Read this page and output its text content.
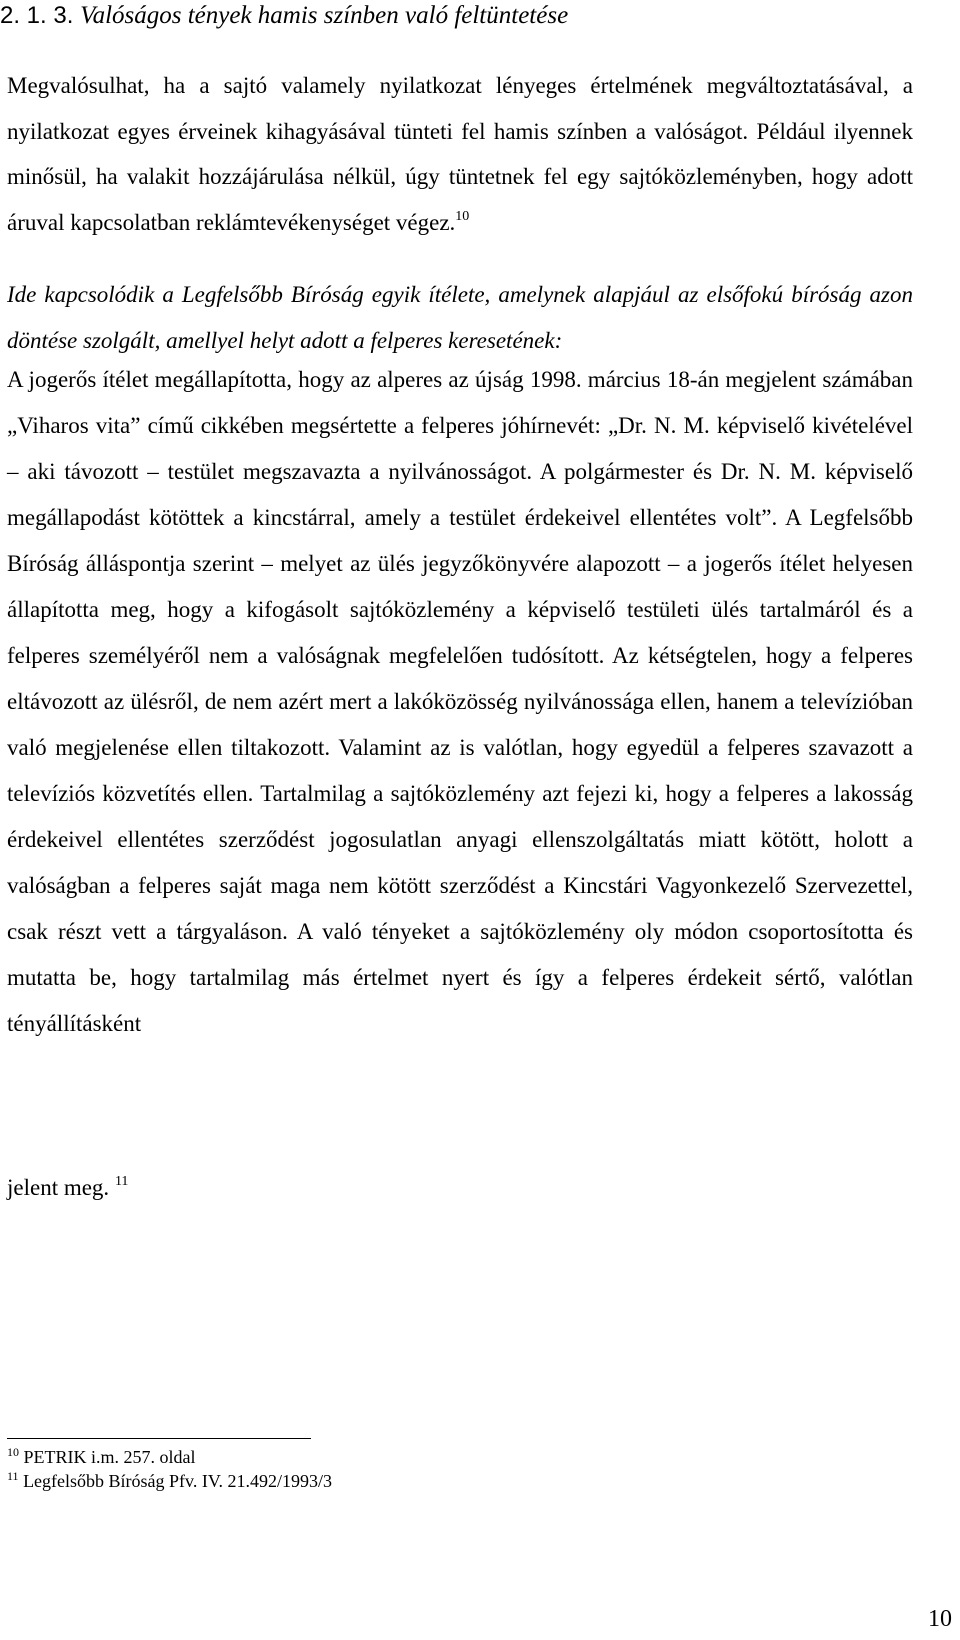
2. 1. 3. Valóságos tények hamis színben való feltüntetése

Megvalósulhat, ha a sajtó valamely nyilatkozat lényeges értelmének megváltoztatásával, a nyilatkozat egyes érveinek kihagyásával tünteti fel hamis színben a valóságot. Például ilyennek minősül, ha valakit hozzájárulása nélkül, úgy tüntetnek fel egy sajtóközleményben, hogy adott áruval kapcsolatban reklámtevékenységet végez.$^{10}$

Ide kapcsolódik a Legfelsőbb Bíróság egyik ítélete, amelynek alapjául az elsőfokú bíróság azon döntése szolgált, amellyel helyt adott a felperes keresetének:

A jogerős ítélet megállapította, hogy az alperes az újság 1998. március 18-án megjelent számában „Viharos vita” című cikkében megsértette a felperes jóhírnevét: „Dr. N. M. képviselő kivételével – aki távozott – testület megszavazta a nyilvánosságot. A polgármester és Dr. N. M. képviselő megállapodást kötöttek a kincstárral, amely a testület érdekeivel ellentétes volt”. A Legfelsőbb Bíróság álláspontja szerint – melyet az ülés jegyzőkönyvére alapozott – a jogerős ítélet helyesen állapította meg, hogy a kifogásolt sajtóközlemény a képviselő testületi ülés tartalmáról és a felperes személyéről nem a valóságnak megfelelően tudósított. Az kétségtelen, hogy a felperes eltávozott az ülésről, de nem azért mert a lakóközösség nyilvánossága ellen, hanem a televízióban való megjelenése ellen tiltakozott. Valamint az is valótlan, hogy egyedül a felperes szavazott a televíziós közvetítés ellen. Tartalmilag a sajtóközlemény azt fejezi ki, hogy a felperes a lakosság érdekeivel ellentétes szerződést jogosulatlan anyagi ellenszolgáltatás miatt kötött, holott a valóságban a felperes saját maga nem kötött szerződést a Kincstári Vagyonkezelő Szervezettel, csak részt vett a tárgyaláson. A való tényeket a sajtóközlemény oly módon csoportosította és mutatta be, hogy tartalmilag más értelmet nyert és így a felperes érdekeit sértő, valótlan tényállításként

jelent meg. $^{11}$
$^{10}$ PETRIK i.m. 257. oldal
$^{11}$ Legfelsőbb Bíróság Pfv. IV. 21.492/1993/3
10
